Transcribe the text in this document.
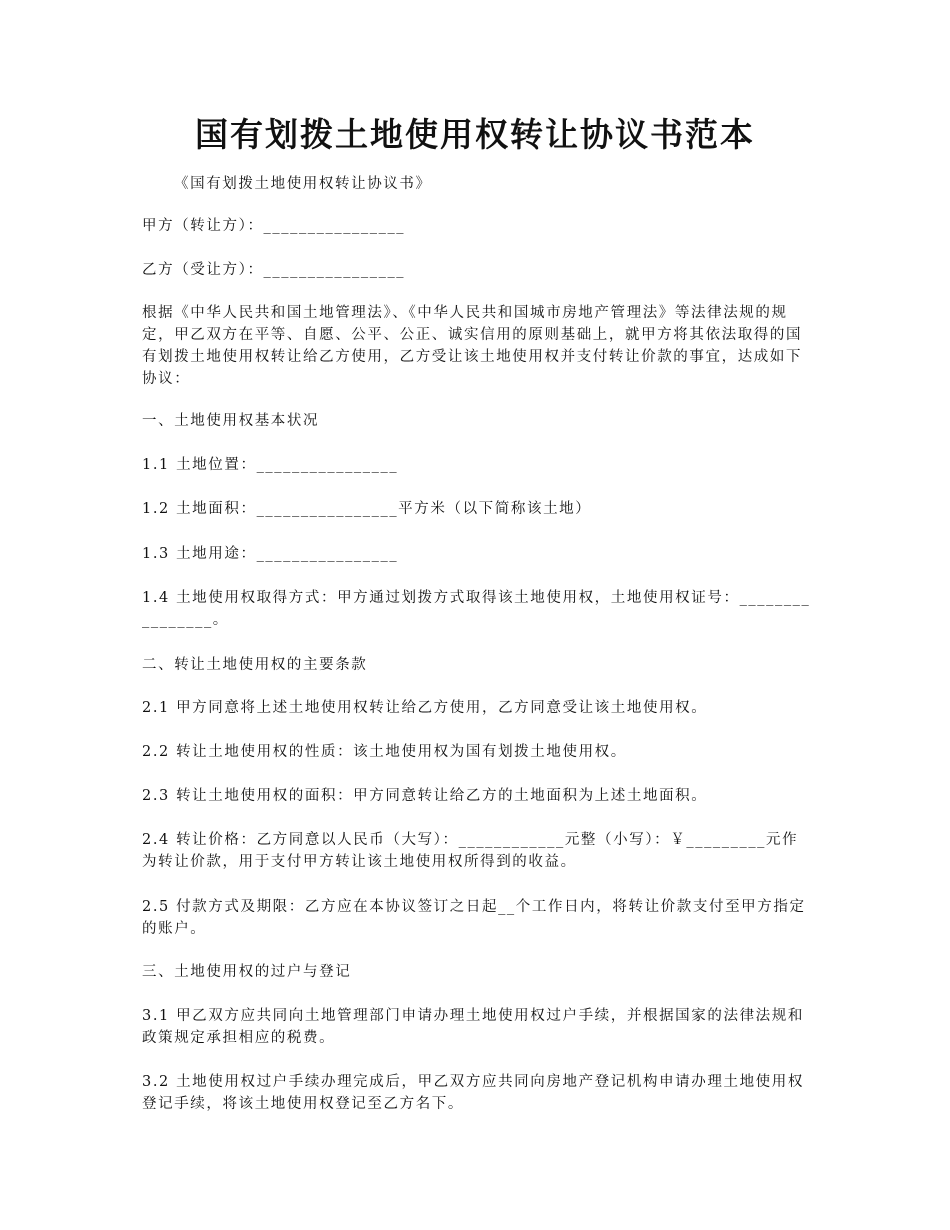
国有划拨土地使用权转让协议书范本
《国有划拨土地使用权转让协议书》
甲方（转让方）：________________
乙方（受让方）：________________
根据《中华人民共和国土地管理法》、《中华人民共和国城市房地产管理法》等法律法规的规定，甲乙双方在平等、自愿、公平、公正、诚实信用的原则基础上，就甲方将其依法取得的国有划拨土地使用权转让给乙方使用，乙方受让该土地使用权并支付转让价款的事宜，达成如下协议：
一、土地使用权基本状况
1.1 土地位置：________________
1.2 土地面积：________________平方米（以下简称该土地）
1.3 土地用途：________________
1.4 土地使用权取得方式：甲方通过划拨方式取得该土地使用权，土地使用权证号：________________。
二、转让土地使用权的主要条款
2.1 甲方同意将上述土地使用权转让给乙方使用，乙方同意受让该土地使用权。
2.2 转让土地使用权的性质：该土地使用权为国有划拨土地使用权。
2.3 转让土地使用权的面积：甲方同意转让给乙方的土地面积为上述土地面积。
2.4 转让价格：乙方同意以人民币（大写）：____________元整（小写）：￥_________元作为转让价款，用于支付甲方转让该土地使用权所得到的收益。
2.5 付款方式及期限：乙方应在本协议签订之日起__个工作日内，将转让价款支付至甲方指定的账户。
三、土地使用权的过户与登记
3.1 甲乙双方应共同向土地管理部门申请办理土地使用权过户手续，并根据国家的法律法规和政策规定承担相应的税费。
3.2 土地使用权过户手续办理完成后，甲乙双方应共同向房地产登记机构申请办理土地使用权登记手续，将该土地使用权登记至乙方名下。
